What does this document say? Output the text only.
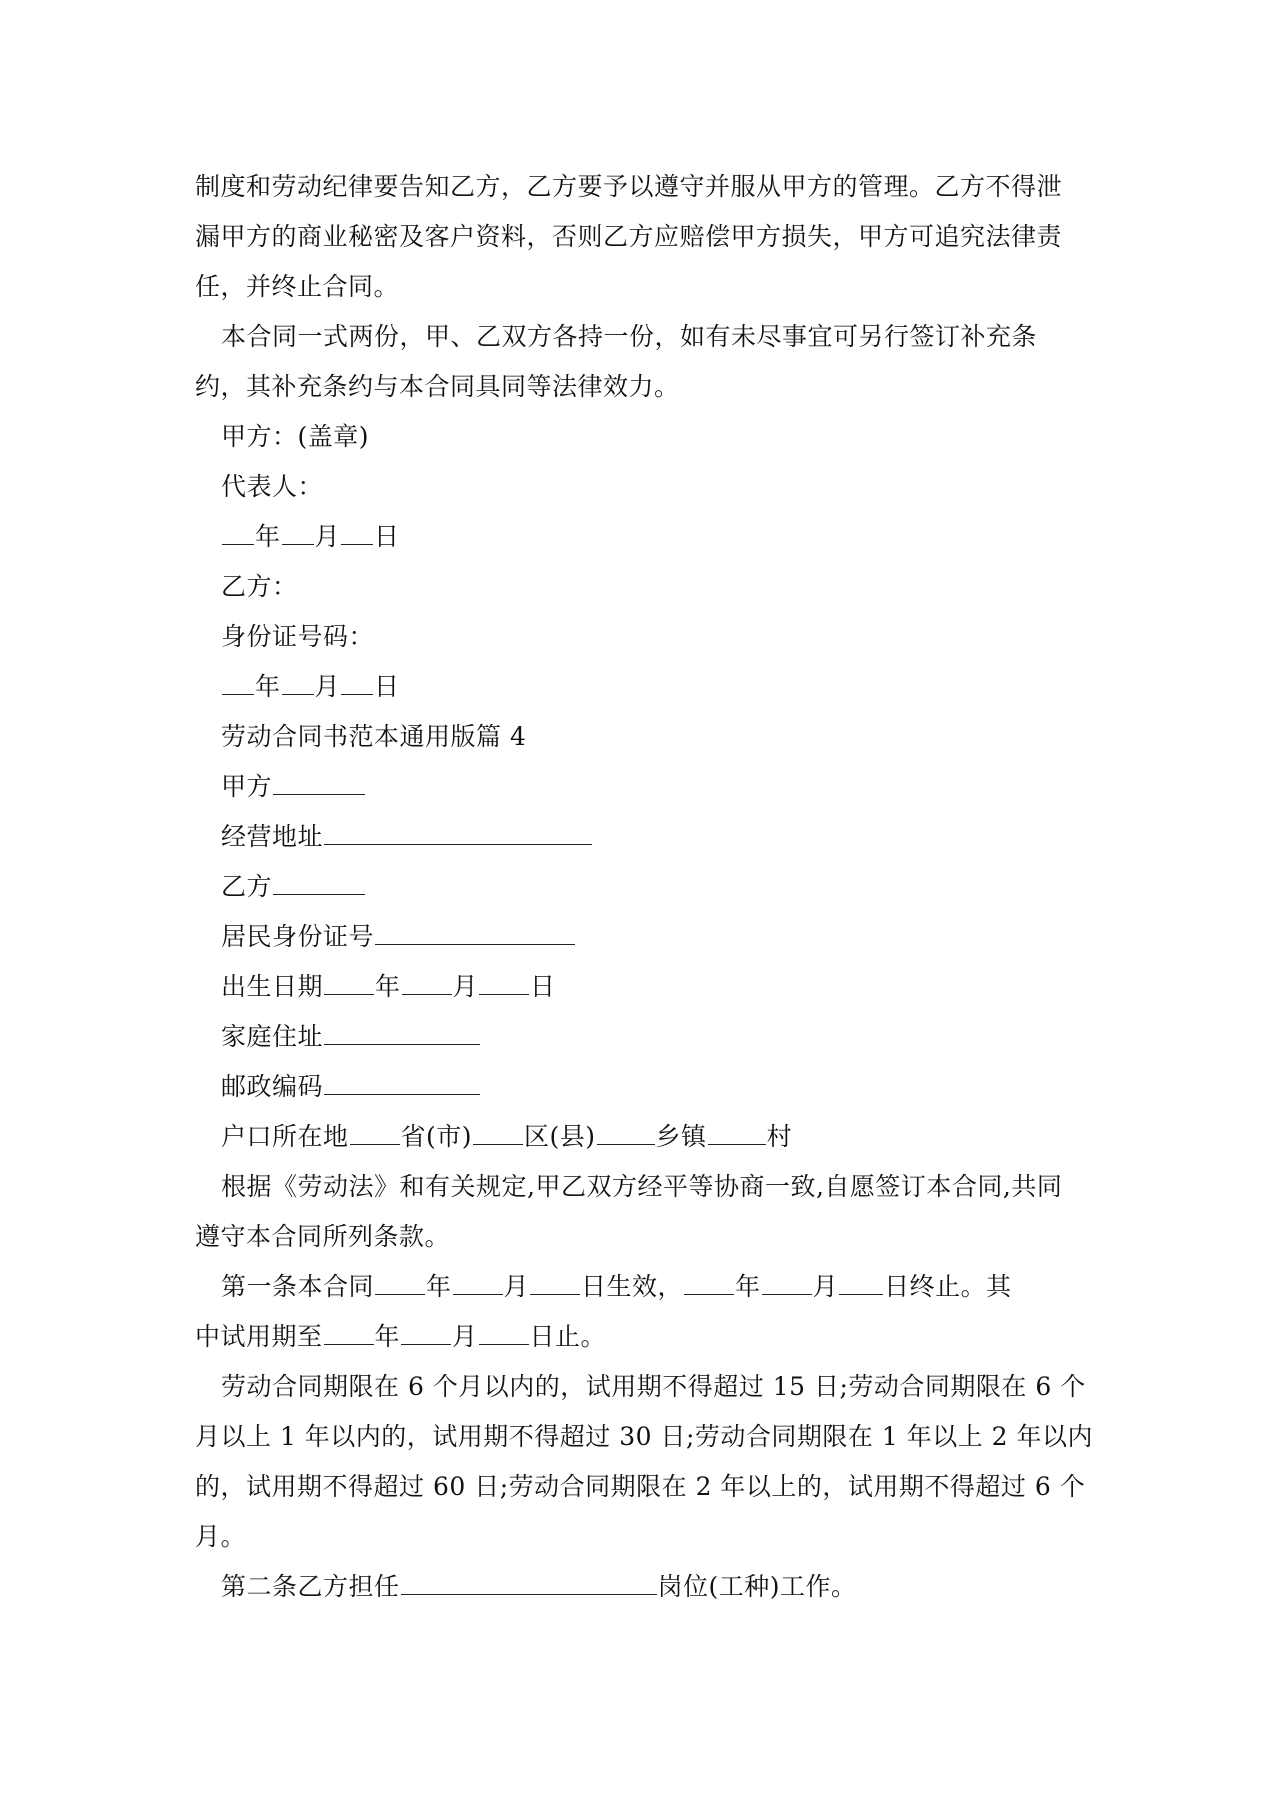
制度和劳动纪律要告知乙方，乙方要予以遵守并服从甲方的管理。乙方不得泄
漏甲方的商业秘密及客户资料，否则乙方应赔偿甲方损失，甲方可追究法律责
任，并终止合同。
本合同一式两份，甲、乙双方各持一份，如有未尽事宜可另行签订补充条
约，其补充条约与本合同具同等法律效力。
甲方：(盖章)
代表人：
年 月 日
乙方：
身份证号码：
年 月 日
劳动合同书范本通用版篇 4
甲方
经营地址
乙方
居民身份证号
出生日期 年 月 日
家庭住址
邮政编码
户口所在地 省(市) 区(县) 乡镇 村
根据《劳动法》和有关规定,甲乙双方经平等协商一致,自愿签订本合同,共同
遵守本合同所列条款。
第一条本合同 年 月 日生效， 年 月 日终止。其
中试用期至 年 月 日止。
劳动合同期限在 6 个月以内的，试用期不得超过 15 日;劳动合同期限在 6 个
月以上 1 年以内的，试用期不得超过 30 日;劳动合同期限在 1 年以上 2 年以内
的，试用期不得超过 60 日;劳动合同期限在 2 年以上的，试用期不得超过 6 个
月。
第二条乙方担任	岗位(工种)工作。
